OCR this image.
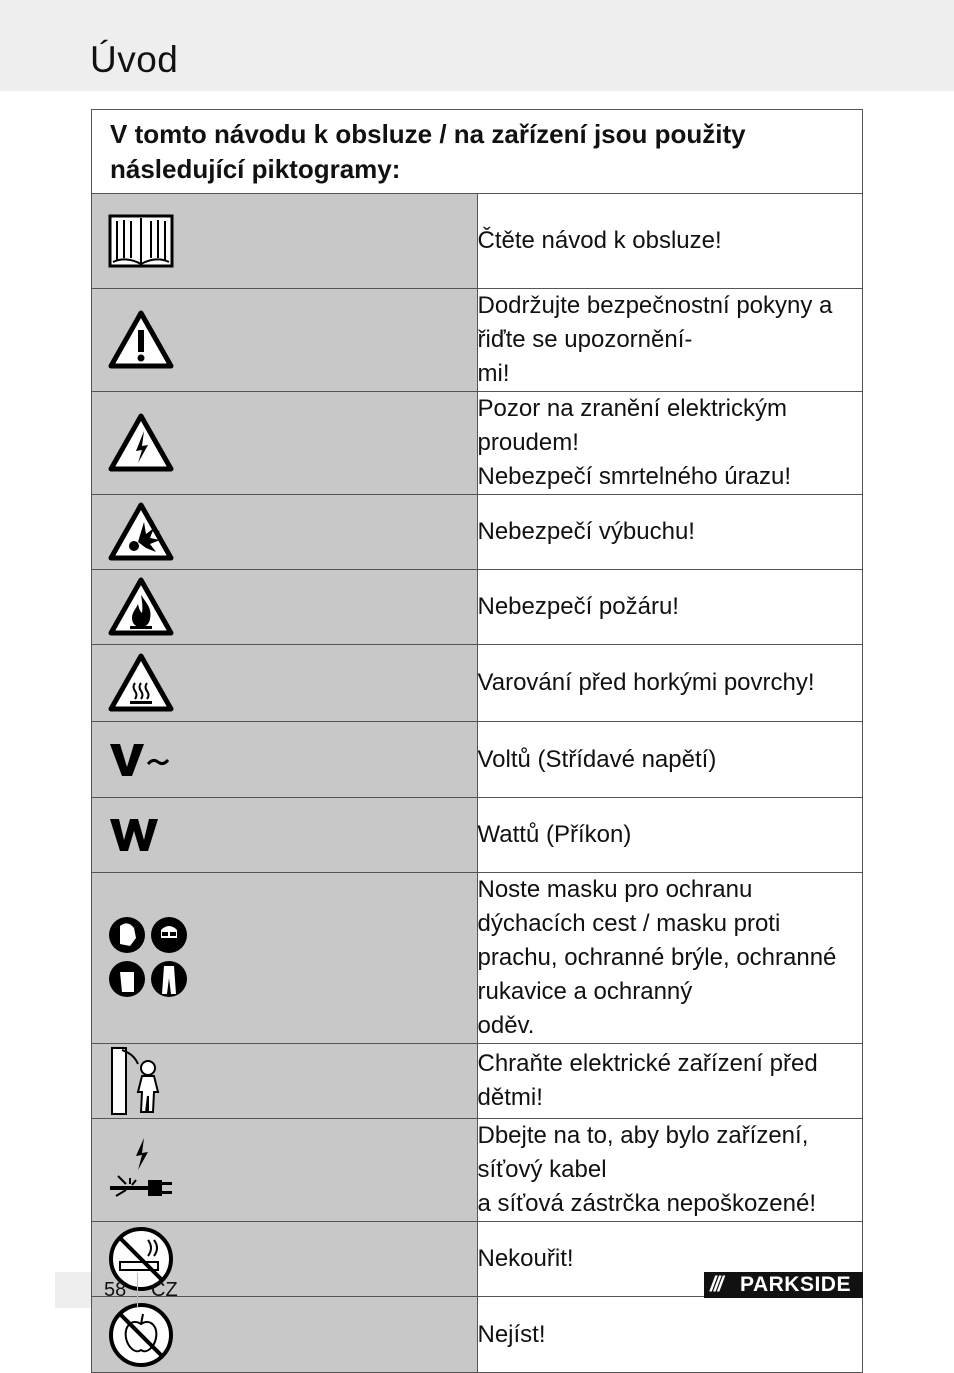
Úvod
V tomto návodu k obsluze / na zařízení jsou použity následující piktogramy:	

	Čtěte návod k obsluze!

Dodržujte bezpečnostní pokyny a řiďte se upozornění-
mi!

Pozor na zranění elektrickým proudem!
Nebezpečí smrtelného úrazu!

	Nebezpečí výbuchu!

	Nebezpečí požáru!

	Varování před horkými povrchy!

	Voltů (Střídavé napětí)

	Wattů (Příkon)

Noste masku pro ochranu dýchacích cest / masku proti
prachu, ochranné brýle, ochranné rukavice a ochranný
oděv.

	Chraňte elektrické zařízení před dětmi!

Dbejte na to, aby bylo zařízení, síťový kabel
a síťová zástrčka nepoškozené!

	Nekouřit!

	Nejíst!
58 CZ	/// PARKSIDE
